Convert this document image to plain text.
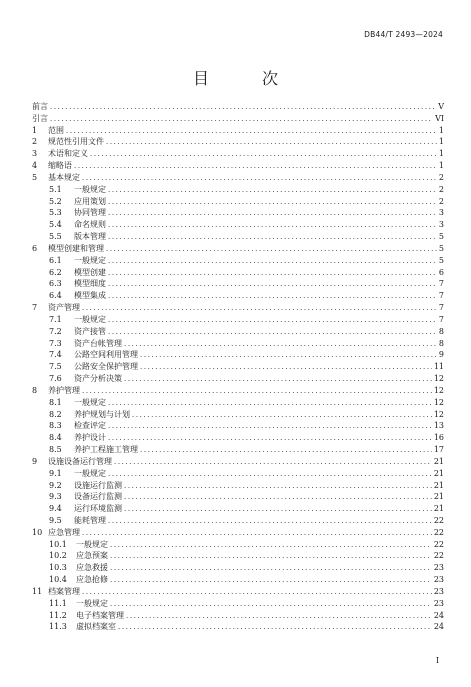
DB44/T 2493—2024
目 次
前言 .....	V
引言 .....	VI
1	范围 .....	1
2	规范性引用文件 .....	1
3	术语和定义 .....	1
4	缩略语 .....	1
5	基本规定 .....	2
5.1	一般规定 .....	2
5.2	应用策划 .....	2
5.3	协同管理 .....	3
5.4	命名规则 .....	3
5.5	版本管理 .....	5
6	模型创建和管理 .....	5
6.1	一般规定 .....	5
6.2	模型创建 .....	6
6.3	模型细度 .....	7
6.4	模型集成 .....	7
7	资产管理 .....	7
7.1	一般规定 .....	7
7.2	资产接管 .....	8
7.3	资产台帐管理 .....	8
7.4	公路空间利用管理 .....	9
7.5	公路安全保护管理 .....	11
7.6	资产分析决策 .....	12
8	养护管理 .....	12
8.1	一般规定 .....	12
8.2	养护规划与计划 .....	12
8.3	检查评定 .....	13
8.4	养护设计 .....	16
8.5	养护工程施工管理 .....	17
9	设施设备运行管理 .....	21
9.1	一般规定 .....	21
9.2	设施运行监测 .....	21
9.3	设备运行监测 .....	21
9.4	运行环境监测 .....	21
9.5	能耗管理 .....	22
10 应急管理 .....	22
10.1	一般规定 .....	22
10.2	应急预案 .....	22
10.3	应急救援 .....	23
10.4	应急抢修 .....	23
11 档案管理 .....	23
11.1	一般规定 .....	23
11.2	电子档案管理 .....	24
11.3	虚拟档案室 .....	24
I
